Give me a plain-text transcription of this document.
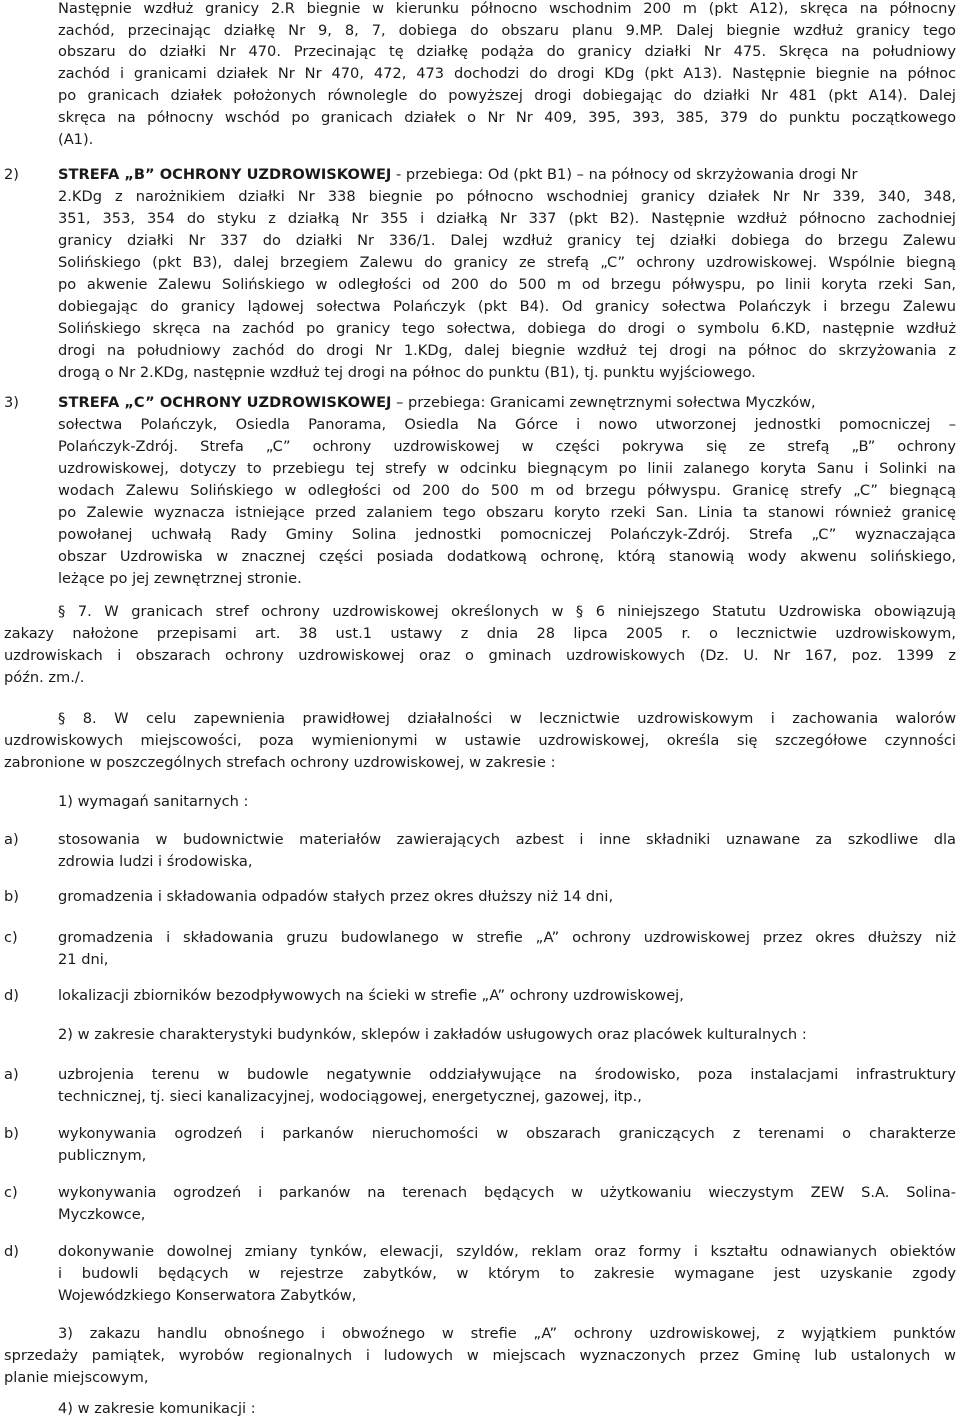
Następnie wzdłuż granicy 2.R biegnie w kierunku północno wschodnim 200 m (pkt A12), skręca na północny
zachód, przecinając działkę Nr 9, 8, 7, dobiega do obszaru planu 9.MP. Dalej biegnie wzdłuż granicy tego
obszaru do działki Nr 470. Przecinając tę działkę podąża do granicy działki Nr 475. Skręca na południowy
zachód i granicami działek Nr Nr 470, 472, 473 dochodzi do drogi KDg (pkt A13). Następnie biegnie na północ
po granicach działek położonych równolegle do powyższej drogi dobiegając do działki Nr 481 (pkt A14). Dalej
skręca na północny wschód po granicach działek o Nr Nr 409, 395, 393, 385, 379 do punktu początkowego
(A1).
2)	STREFA „B” OCHRONY UZDROWISKOWEJ - przebiega: Od (pkt B1) – na północy od skrzyżowania drogi Nr
2.KDg z narożnikiem działki Nr 338 biegnie po północno wschodniej granicy działek Nr Nr 339, 340, 348,
351, 353, 354 do styku z działką Nr 355 i działką Nr 337 (pkt B2). Następnie wzdłuż północno zachodniej
granicy działki Nr 337 do działki Nr 336/1. Dalej wzdłuż granicy tej działki dobiega do brzegu Zalewu
Solińskiego (pkt B3), dalej brzegiem Zalewu do granicy ze strefą „C” ochrony uzdrowiskowej. Wspólnie biegną
po akwenie Zalewu Solińskiego w odległości od 200 do 500 m od brzegu półwyspu, po linii koryta rzeki San,
dobiegając do granicy lądowej sołectwa Polańczyk (pkt B4). Od granicy sołectwa Polańczyk i brzegu Zalewu
Solińskiego skręca na zachód po granicy tego sołectwa, dobiega do drogi o symbolu 6.KD, następnie wzdłuż
drogi na południowy zachód do drogi Nr 1.KDg, dalej biegnie wzdłuż tej drogi na północ do skrzyżowania z
drogą o Nr 2.KDg, następnie wzdłuż tej drogi na północ do punktu (B1), tj. punktu wyjściowego.
3)	STREFA „C” OCHRONY UZDROWISKOWEJ – przebiega: Granicami zewnętrznymi sołectwa Myczków,
sołectwa Polańczyk, Osiedla Panorama, Osiedla Na Górce i nowo utworzonej jednostki pomocniczej –
Polańczyk-Zdrój. Strefa „C” ochrony uzdrowiskowej w części pokrywa się ze strefą „B” ochrony
uzdrowiskowej, dotyczy to przebiegu tej strefy w odcinku biegnącym po linii zalanego koryta Sanu i Solinki na
wodach Zalewu Solińskiego w odległości od 200 do 500 m od brzegu półwyspu. Granicę strefy „C” biegnącą
po Zalewie wyznacza istniejące przed zalaniem tego obszaru koryto rzeki San. Linia ta stanowi również granicę
powołanej uchwałą Rady Gminy Solina jednostki pomocniczej Polańczyk-Zdrój. Strefa „C” wyznaczająca
obszar Uzdrowiska w znacznej części posiada dodatkową ochronę, którą stanowią wody akwenu solińskiego,
leżące po jej zewnętrznej stronie.
§ 7. W granicach stref ochrony uzdrowiskowej określonych w § 6 niniejszego Statutu Uzdrowiska obowiązują
zakazy nałożone przepisami art. 38 ust.1 ustawy z dnia 28 lipca 2005 r. o lecznictwie uzdrowiskowym,
uzdrowiskach i obszarach ochrony uzdrowiskowej oraz o gminach uzdrowiskowych (Dz. U. Nr 167, poz. 1399 z
późn. zm./.
§ 8. W celu zapewnienia prawidłowej działalności w lecznictwie uzdrowiskowym i zachowania walorów
uzdrowiskowych miejscowości, poza wymienionymi w ustawie uzdrowiskowej, określa się szczegółowe czynności
zabronione w poszczególnych strefach ochrony uzdrowiskowej, w zakresie :
1) wymagań sanitarnych :
a)	stosowania w budownictwie materiałów zawierających azbest i inne składniki uznawane za szkodliwe dla
zdrowia ludzi i środowiska,
b)	gromadzenia i składowania odpadów stałych przez okres dłuższy niż 14 dni,
c)	gromadzenia i składowania gruzu budowlanego w strefie „A” ochrony uzdrowiskowej przez okres dłuższy niż
21 dni,
d)	lokalizacji zbiorników bezodpływowych na ścieki w strefie „A” ochrony uzdrowiskowej,
2) w zakresie charakterystyki budynków, sklepów i zakładów usługowych oraz placówek kulturalnych :
a)	uzbrojenia terenu w budowle negatywnie oddziaływujące na środowisko, poza instalacjami infrastruktury
technicznej, tj. sieci kanalizacyjnej, wodociągowej, energetycznej, gazowej, itp.,
b)	wykonywania ogrodzeń i parkanów nieruchomości w obszarach graniczących z terenami o charakterze
publicznym,
c)	wykonywania ogrodzeń i parkanów na terenach będących w użytkowaniu wieczystym ZEW S.A. Solina-
Myczkowce,
d)	dokonywanie dowolnej zmiany tynków, elewacji, szyldów, reklam oraz formy i kształtu odnawianych obiektów
i budowli będących w rejestrze zabytków, w którym to zakresie wymagane jest uzyskanie zgody
Wojewódzkiego Konserwatora Zabytków,
3) zakazu handlu obnośnego i obwoźnego w strefie „A” ochrony uzdrowiskowej, z wyjątkiem punktów
sprzedaży pamiątek, wyrobów regionalnych i ludowych w miejscach wyznaczonych przez Gminę lub ustalonych w
planie miejscowym,
4) w zakresie komunikacji :
